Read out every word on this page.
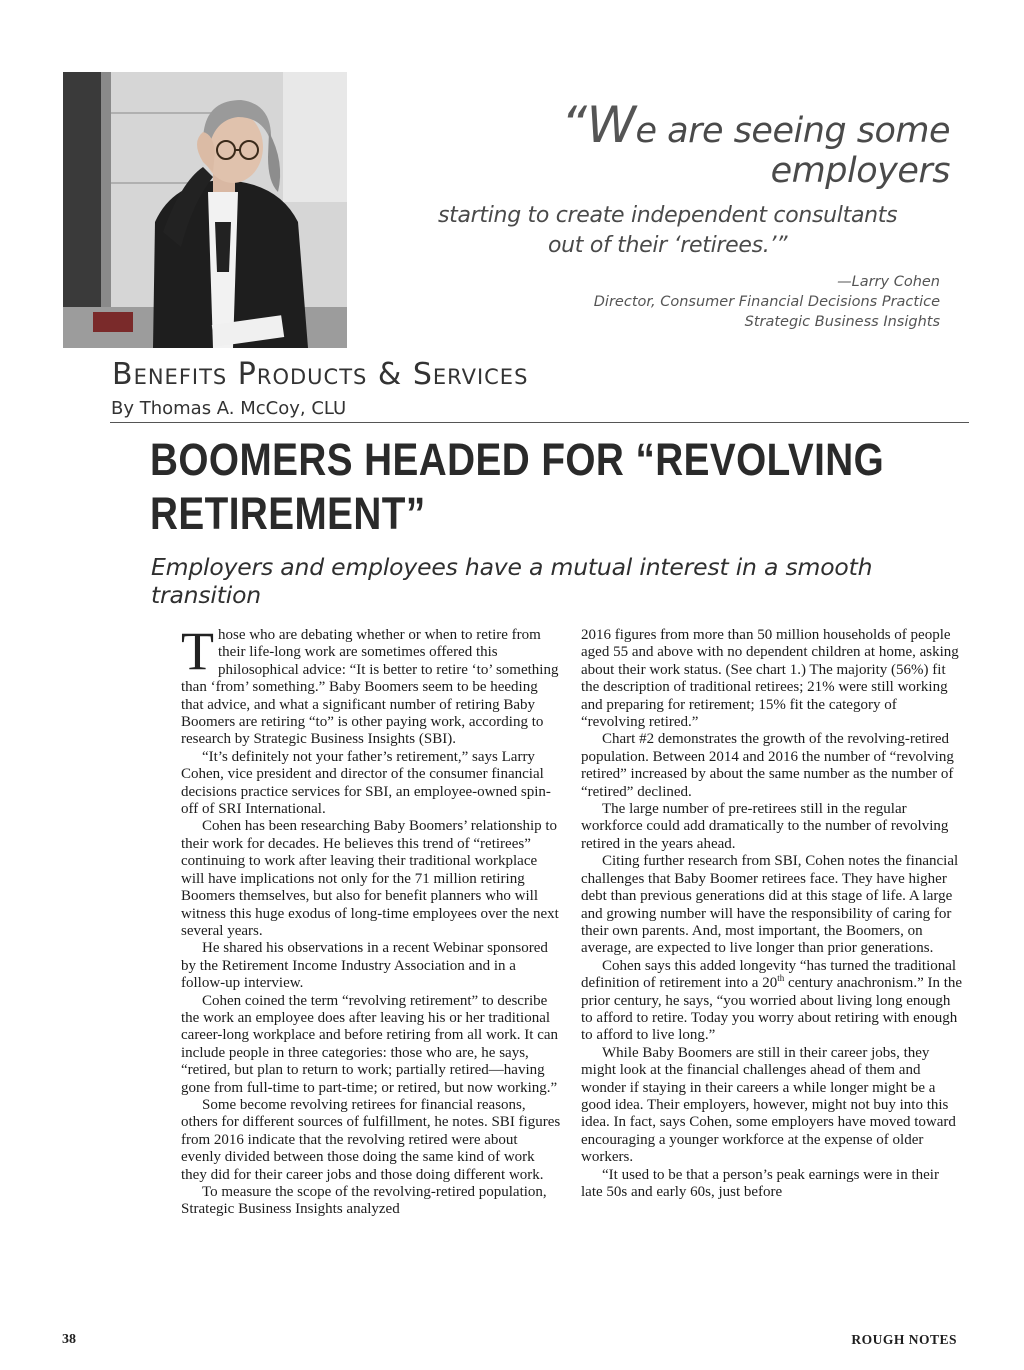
“We are seeing some employers
starting to create independent consultants
out of their ‘retirees.’”
—Larry Cohen
Director, Consumer Financial Decisions Practice
Strategic Business Insights
Benefits Products & Services
By Thomas A. McCoy, CLU
BOOMERS HEADED FOR “REVOLVING
RETIREMENT”
Employers and employees have a mutual interest in a smooth transition

Those who are debating whether or when to retire from their life-long work are sometimes offered this philosophical advice: “It is better to retire ‘to’ something than ‘from’ something.” Baby Boomers seem to be heeding that advice, and what a significant number of retiring Baby Boomers are retiring “to” is other paying work, according to research by Strategic Business Insights (SBI).

“It’s definitely not your father’s retirement,” says Larry Cohen, vice president and director of the consumer financial decisions practice services for SBI, an employee-owned spin-off of SRI International.

Cohen has been researching Baby Boomers’ relationship to their work for decades. He believes this trend of “retirees” continuing to work after leaving their traditional workplace will have implications not only for the 71 million retiring Boomers themselves, but also for benefit planners who will witness this huge exodus of long-time employees over the next several years.

He shared his observations in a recent Webinar sponsored by the Retirement Income Industry Association and in a follow-up interview.

Cohen coined the term “revolving retirement” to describe the work an employee does after leaving his or her traditional career-long workplace and before retiring from all work. It can include people in three categories: those who are, he says, “retired, but plan to return to work; partially retired—having gone from full-time to part-time; or retired, but now working.”

Some become revolving retirees for financial reasons, others for different sources of fulfillment, he notes. SBI figures from 2016 indicate that the revolving retired were about evenly divided between those doing the same kind of work they did for their career jobs and those doing different work.

To measure the scope of the revolving-retired population, Strategic Business Insights analyzed

2016 figures from more than 50 million households of people aged 55 and above with no dependent children at home, asking about their work status. (See chart 1.) The majority (56%) fit the description of traditional retirees; 21% were still working and preparing for retirement; 15% fit the category of “revolving retired.”

Chart #2 demonstrates the growth of the revolving-retired population. Between 2014 and 2016 the number of “revolving retired” increased by about the same number as the number of “retired” declined.

The large number of pre-retirees still in the regular workforce could add dramatically to the number of revolving retired in the years ahead.

Citing further research from SBI, Cohen notes the financial challenges that Baby Boomer retirees face. They have higher debt than previous generations did at this stage of life. A large and growing number will have the responsibility of caring for their own parents. And, most important, the Boomers, on average, are expected to live longer than prior generations.

Cohen says this added longevity “has turned the traditional definition of retirement into a 20th century anachronism.” In the prior century, he says, “you worried about living long enough to afford to retire. Today you worry about retiring with enough to afford to live long.”

While Baby Boomers are still in their career jobs, they might look at the financial challenges ahead of them and wonder if staying in their careers a while longer might be a good idea. Their employers, however, might not buy into this idea. In fact, says Cohen, some employers have moved toward encouraging a younger workforce at the expense of older workers.

“It used to be that a person’s peak earnings were in their late 50s and early 60s, just before

38	ROUGH NOTES
